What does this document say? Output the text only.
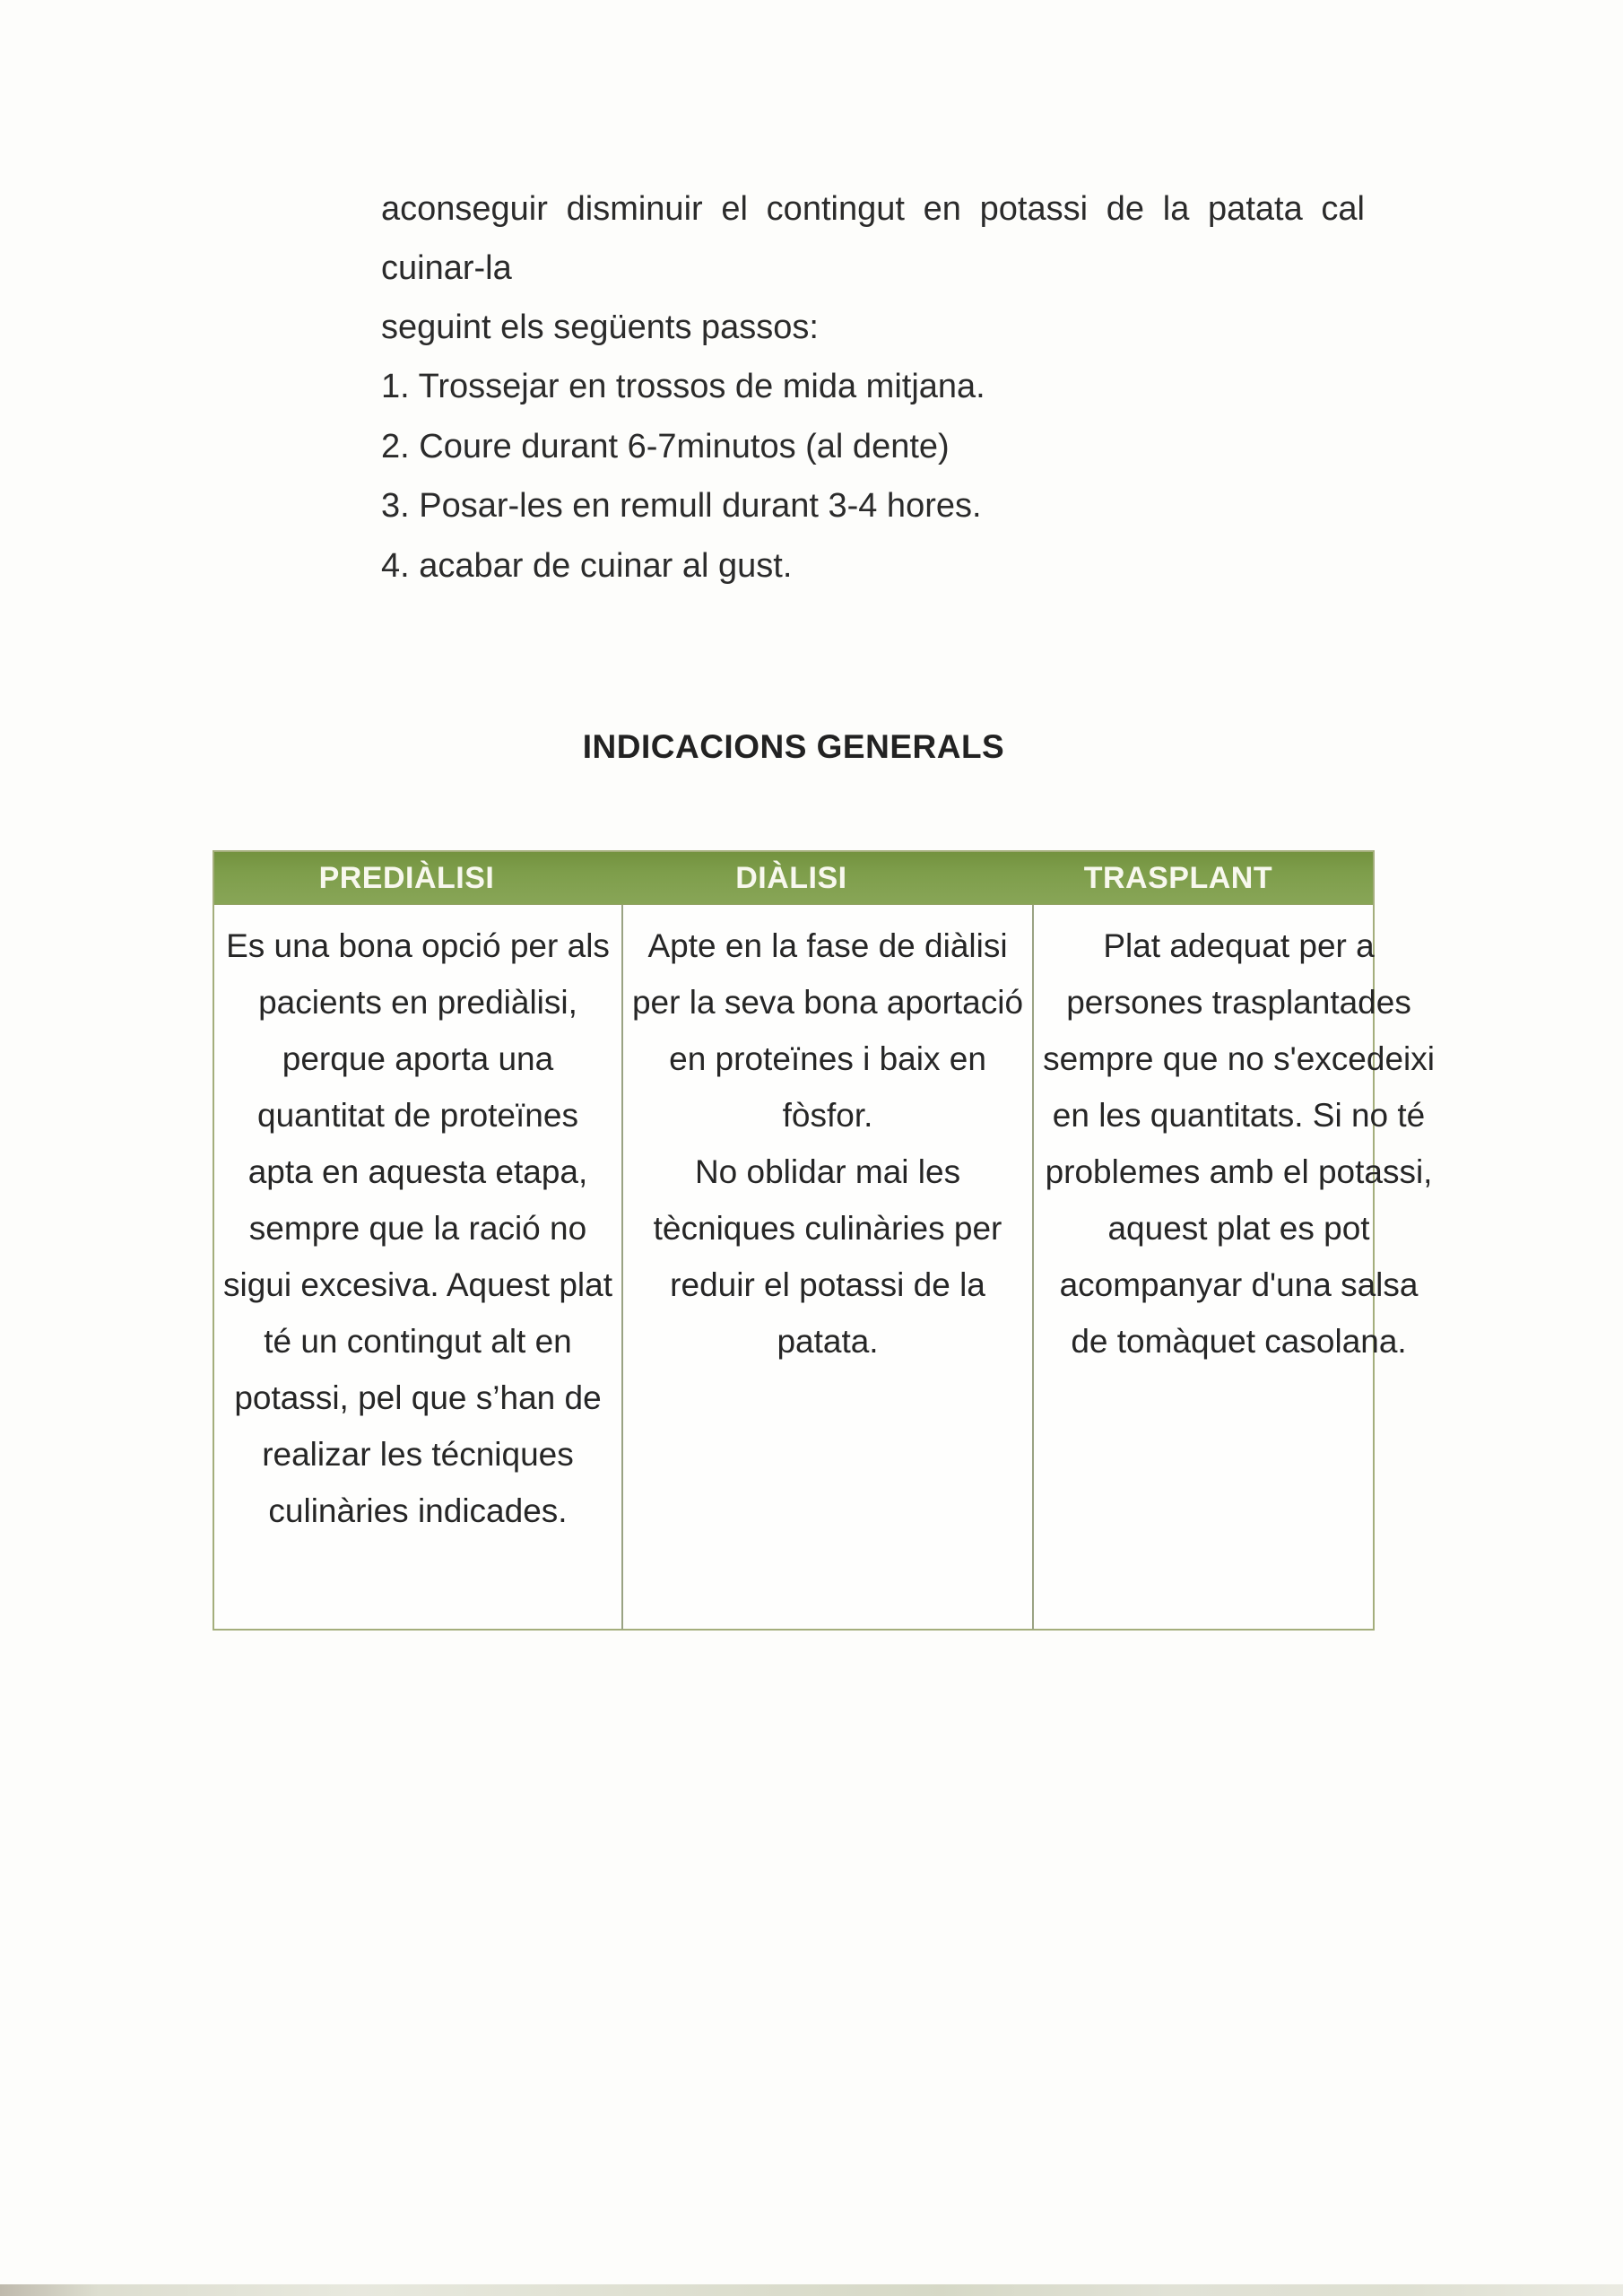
aconseguir disminuir el contingut en potassi de la patata cal cuinar-la
seguint els següents passos:
1. Trossejar en trossos de mida mitjana.
2. Coure durant 6-7minutos (al dente)
3. Posar-les en remull durant 3-4 hores.
4. acabar de cuinar al gust.
INDICACIONS GENERALS
PREDIÀLISI	DIÀLISI	TRASPLANT
Es una bona opció per als
pacients en prediàlisi,
perque aporta una
quantitat de proteïnes
apta en aquesta etapa,
sempre que la ració no
sigui excesiva. Aquest plat
té un contingut alt en
potassi, pel que s’han de
realizar les técniques
culinàries indicades.
Apte en la fase de diàlisi
per la seva bona aportació
en proteïnes i baix en
fòsfor.
No oblidar mai les
tècniques culinàries per
reduir el potassi de la
patata.
Plat adequat per a
persones trasplantades
sempre que no s'excedeixi
en les quantitats. Si no té
problemes amb el potassi,
aquest plat es pot
acompanyar d'una salsa
de tomàquet casolana.
